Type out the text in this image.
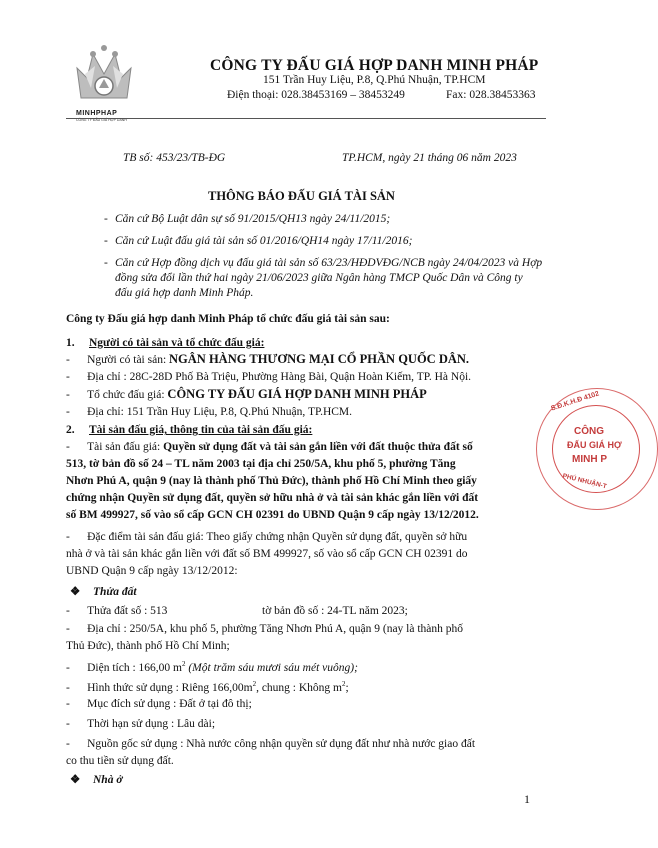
MINHPHAP
CÔNG TY ĐẤU GIÁ HỢP DANH
CÔNG TY ĐẤU GIÁ HỢP DANH MINH PHÁP
151 Trần Huy Liệu, P.8, Q.Phú Nhuận, TP.HCM
Điện thoại: 028.38453169 – 38453249	Fax: 028.38453363
TB số: 453/23/TB-ĐG	TP.HCM, ngày 21 tháng 06 năm 2023
THÔNG BÁO ĐẤU GIÁ TÀI SẢN
- Căn cứ Bộ Luật dân sự số 91/2015/QH13 ngày 24/11/2015;
- Căn cứ Luật đấu giá tài sản số 01/2016/QH14 ngày 17/11/2016;
- Căn cứ Hợp đồng dịch vụ đấu giá tài sản số 63/23/HĐDVĐG/NCB ngày 24/04/2023 và Hợp
đồng sửa đổi lần thứ hai ngày 21/06/2023 giữa Ngân hàng TMCP Quốc Dân và Công ty
đấu giá hợp danh Minh Pháp.
Công ty Đấu giá hợp danh Minh Pháp tổ chức đấu giá tài sản sau:
1. Người có tài sản và tổ chức đấu giá:
-      Người có tài sản: NGÂN HÀNG THƯƠNG MẠI CỔ PHẦN QUỐC DÂN.
-      Địa chỉ : 28C-28D Phố Bà Triệu, Phường Hàng Bài, Quận Hoàn Kiếm, TP. Hà Nội.
-      Tổ chức đấu giá: CÔNG TY ĐẤU GIÁ HỢP DANH MINH PHÁP
-      Địa chỉ: 151 Trần Huy Liệu, P.8, Q.Phú Nhuận, TP.HCM.
2. Tài sản đấu giá, thông tin của tài sản đấu giá:
-      Tài sản đấu giá: Quyền sử dụng đất và tài sản gắn liền với đất thuộc thửa đất số
513, tờ bản đồ số 24 – TL năm 2003 tại địa chỉ 250/5A, khu phố 5, phường Tăng
Nhơn Phú A, quận 9 (nay là thành phố Thủ Đức), thành phố Hồ Chí Minh theo giấy
chứng nhận Quyền sử dụng đất, quyền sở hữu nhà ở và tài sản khác gắn liền với đất
số BM 499927, số vào sổ cấp GCN CH 02391 do UBND Quận 9 cấp ngày 13/12/2012.
-      Đặc điểm tài sản đấu giá: Theo giấy chứng nhận Quyền sử dụng đất, quyền sở hữu
nhà ở và tài sản khác gắn liền với đất số BM 499927, số vào sổ cấp GCN CH 02391 do
UBND Quận 9 cấp ngày 13/12/2012:
❖ Thửa đất
-      Thửa đất số : 513	tờ bản đồ số : 24-TL năm 2023;
-      Địa chỉ : 250/5A, khu phố 5, phường Tăng Nhơn Phú A, quận 9 (nay là thành phố
Thủ Đức), thành phố Hồ Chí Minh;
-      Diện tích : 166,00 $m^2$ (Một trăm sáu mươi sáu mét vuông);
-      Hình thức sử dụng : Riêng $166,00m^2$, chung : Không $m^2$;
-      Mục đích sử dụng : Đất ở tại đô thị;
-      Thời hạn sử dụng : Lâu dài;
-      Nguồn gốc sử dụng : Nhà nước công nhận quyền sử dụng đất như nhà nước giao đất
co thu tiền sử dụng đất.
❖ Nhà ở
1
S.Đ.K.H.Đ 4102
CÔNG
ĐẤU GIÁ HỢ
MINH P
PHÚ NHUẬN-T
